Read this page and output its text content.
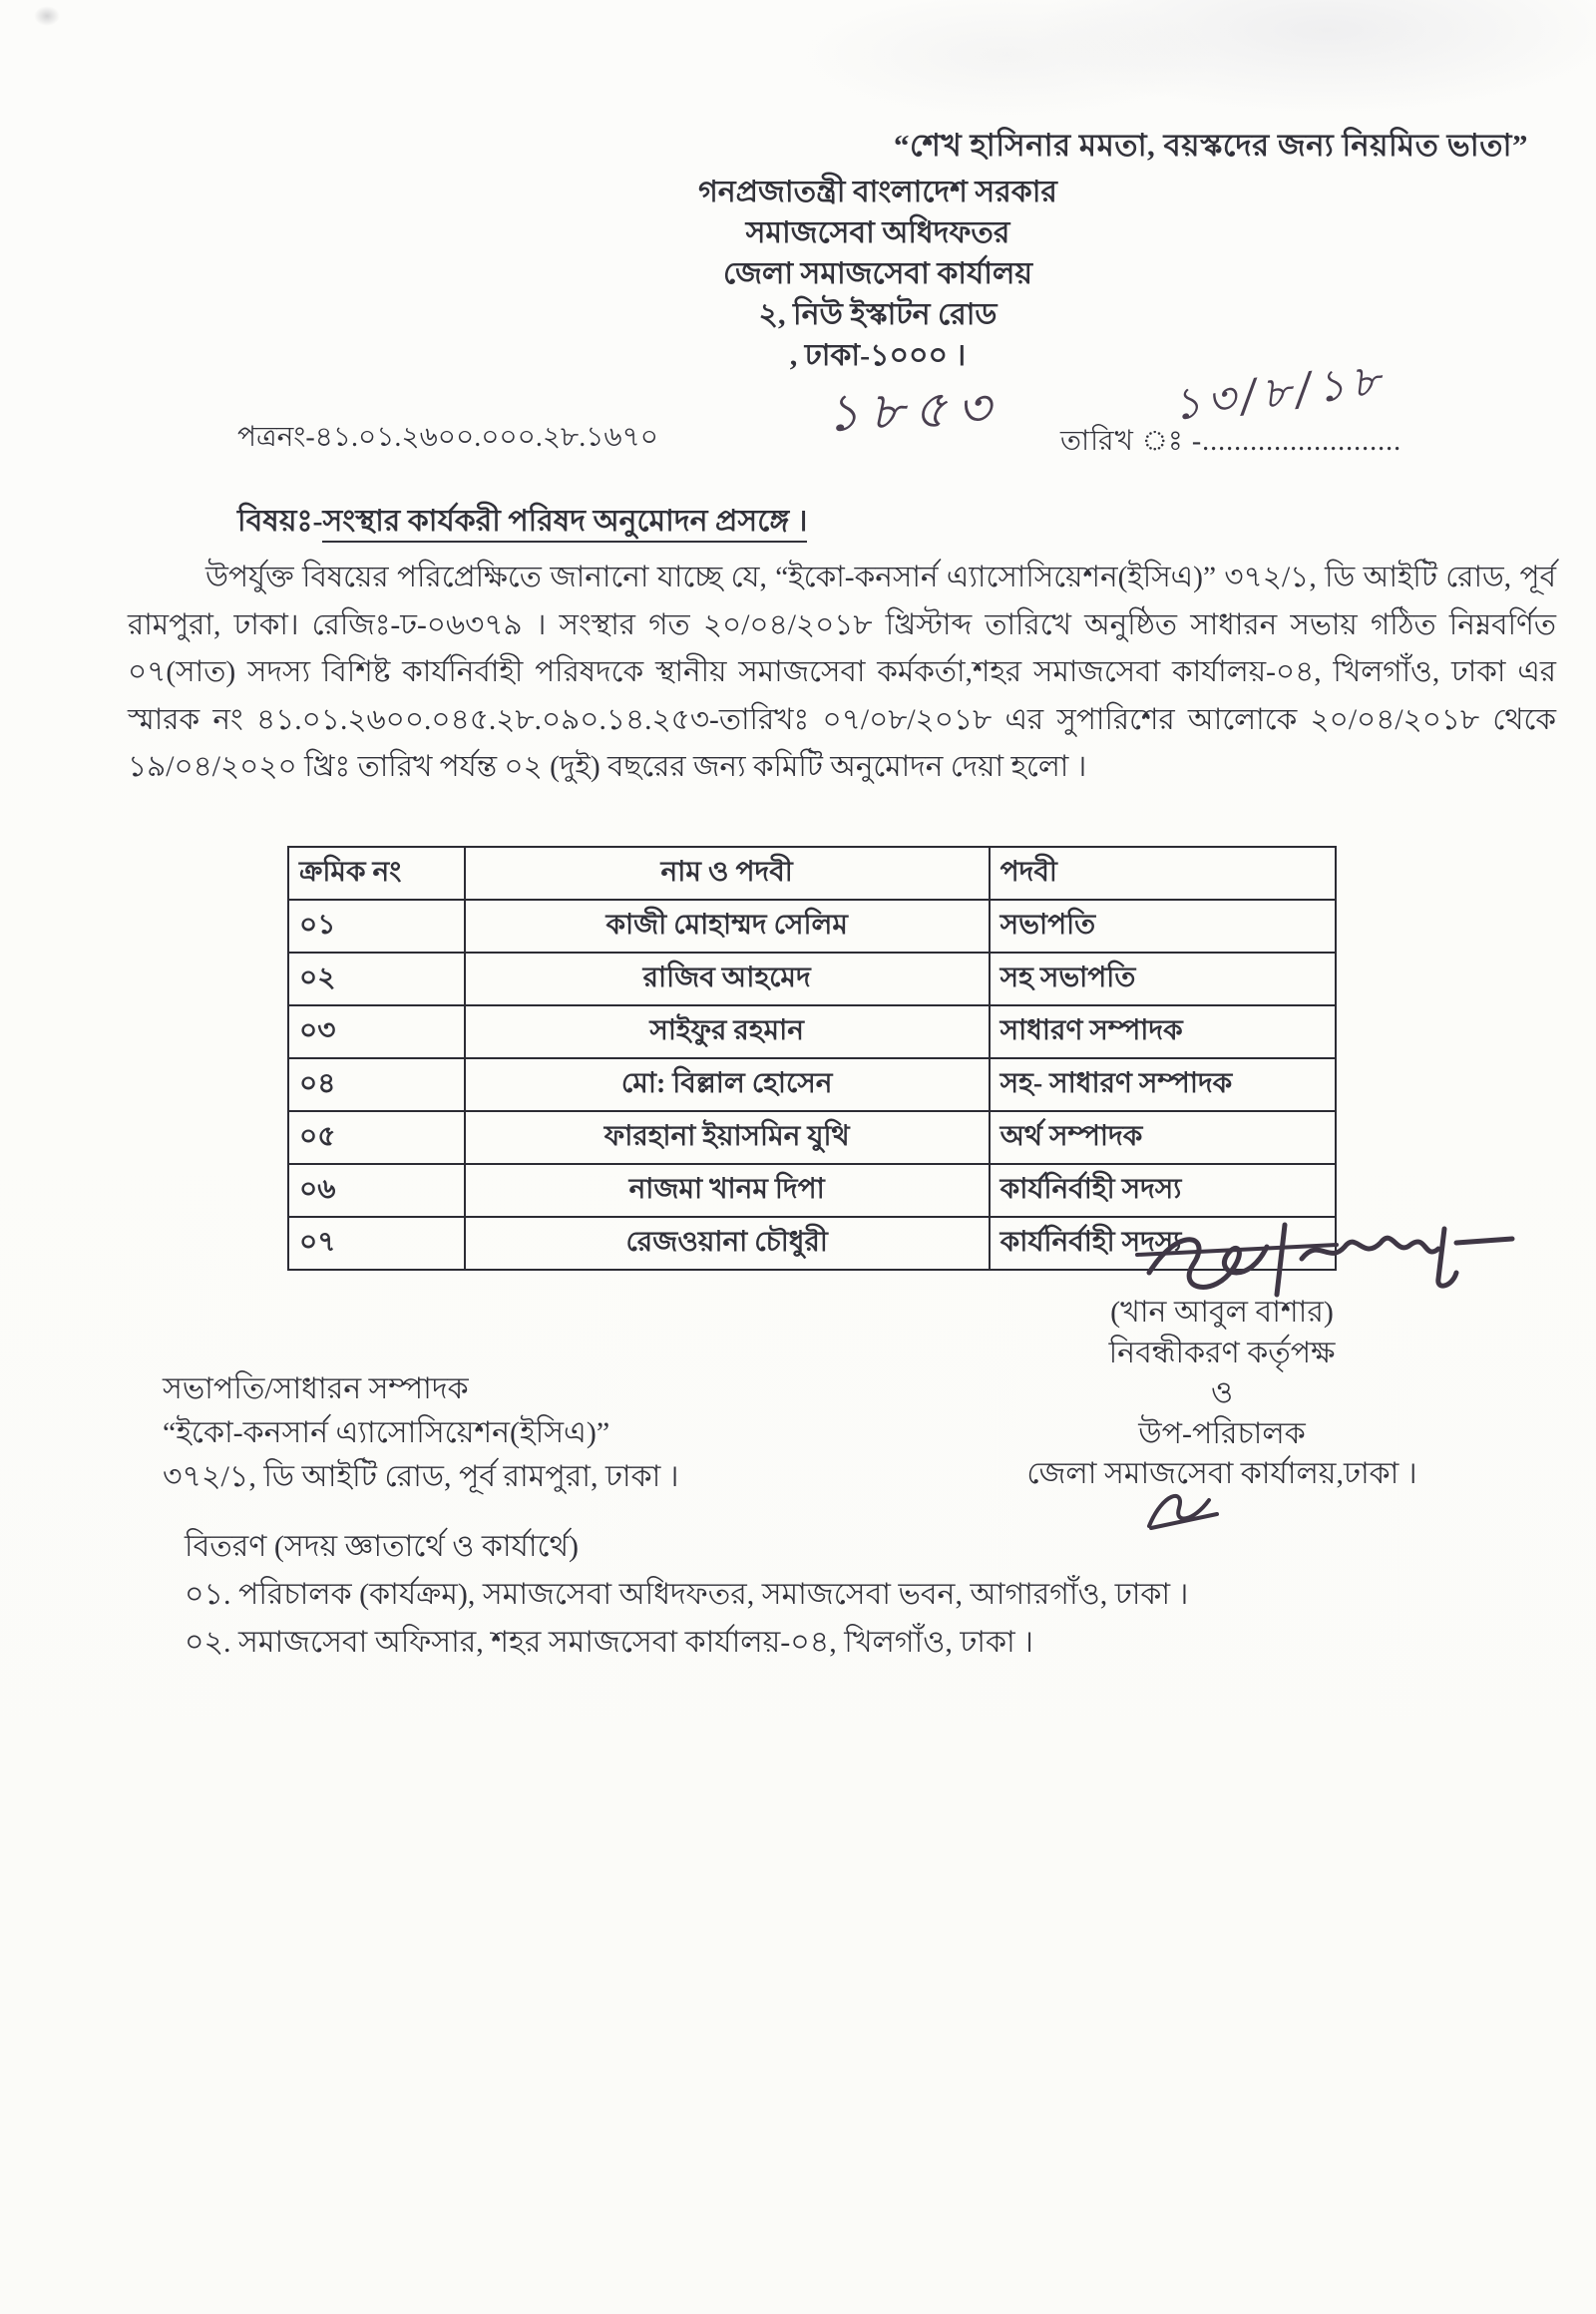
“শেখ হাসিনার মমতা, বয়স্কদের জন্য নিয়মিত ভাতা”
গনপ্রজাতন্ত্রী বাংলাদেশ সরকার
সমাজসেবা অধিদফতর
জেলা সমাজসেবা কার্যালয়
২, নিউ ইস্কাটন রোড
, ঢাকা-১০০০ ।
পত্রনং-৪১.০১.২৬০০.০০০.২৮.১৬৭০	১৮৫৩ তারিখ ঃ -.........................
১৩/৮/১৮
বিষয়ঃ-সংস্থার কার্যকরী পরিষদ অনুমোদন প্রসঙ্গে ।
উপর্যুক্ত বিষয়ের পরিপ্রেক্ষিতে জানানো যাচ্ছে যে, “ইকো-কনসার্ন এ্যাসোসিয়েশন(ইসিএ)” ৩৭২/১, ডি আইটি রোড, পূর্ব রামপুরা, ঢাকা। রেজিঃ-ঢ-০৬৩৭৯ । সংস্থার গত ২০/০৪/২০১৮ খ্রিস্টাব্দ তারিখে অনুষ্ঠিত সাধারন সভায় গঠিত নিম্নবর্ণিত ০৭(সাত) সদস্য বিশিষ্ট কার্যনির্বাহী পরিষদকে স্থানীয় সমাজসেবা কর্মকর্তা,শহর সমাজসেবা কার্যালয়-০৪, খিলগাঁও, ঢাকা এর স্মারক নং ৪১.০১.২৬০০.০৪৫.২৮.০৯০.১৪.২৫৩-তারিখঃ ০৭/০৮/২০১৮ এর সুপারিশের আলোকে ২০/০৪/২০১৮ থেকে ১৯/০৪/২০২০ খ্রিঃ তারিখ পর্যন্ত ০২ (দুই) বছরের জন্য কমিটি অনুমোদন দেয়া হলো ।
ক্রমিক নং	নাম ও পদবী	পদবী
০১	কাজী মোহাম্মদ সেলিম	সভাপতি
০২	রাজিব আহমেদ	সহ সভাপতি
০৩	সাইফুর রহমান	সাধারণ সম্পাদক
০৪	মো: বিল্লাল হোসেন	সহ- সাধারণ সম্পাদক
০৫	ফারহানা ইয়াসমিন যুথি	অর্থ সম্পাদক
০৬	নাজমা খানম দিপা	কার্যনির্বাহী সদস্য
০৭	রেজওয়ানা চৌধুরী	কার্যনির্বাহী সদস্য
(খান আবুল বাশার)
নিবন্ধীকরণ কর্তৃপক্ষ
ও
উপ-পরিচালক
জেলা সমাজসেবা কার্যালয়,ঢাকা ।
সভাপতি/সাধারন সম্পাদক
“ইকো-কনসার্ন এ্যাসোসিয়েশন(ইসিএ)”
৩৭২/১, ডি আইটি রোড, পূর্ব রামপুরা, ঢাকা ।
বিতরণ (সদয় জ্ঞাতার্থে ও কার্যার্থে)
০১. পরিচালক (কার্যক্রম), সমাজসেবা অধিদফতর, সমাজসেবা ভবন, আগারগাঁও, ঢাকা ।
০২. সমাজসেবা অফিসার, শহর সমাজসেবা কার্যালয়-০৪, খিলগাঁও, ঢাকা ।
